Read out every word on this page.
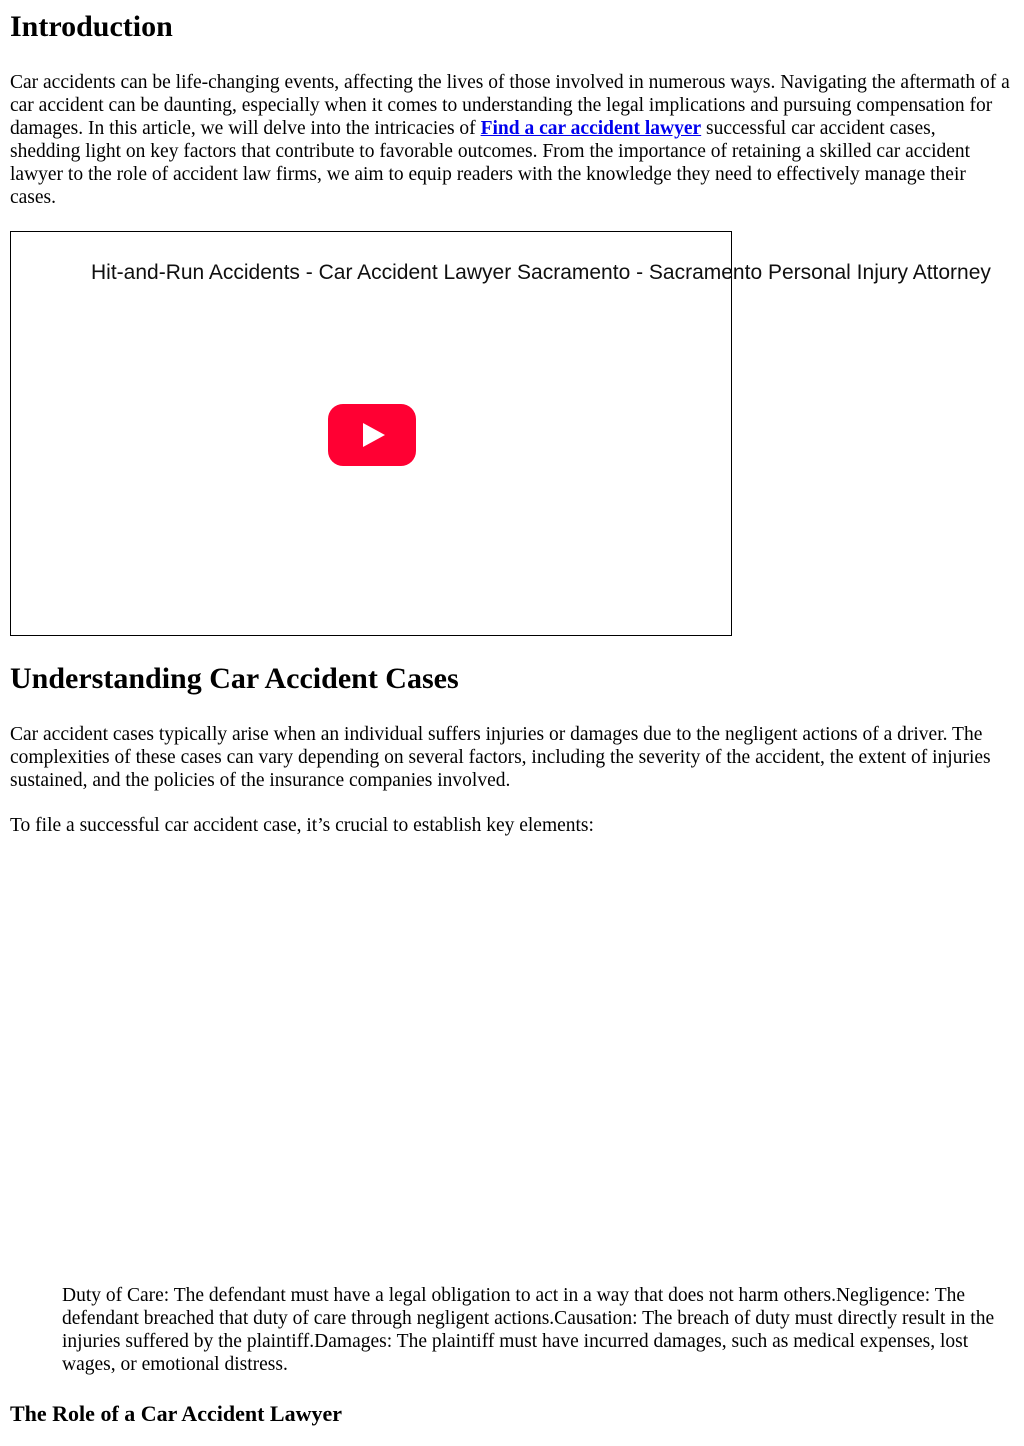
Introduction

Car accidents can be life-changing events, affecting the lives of those involved in numerous ways. Navigating the aftermath of a car accident can be daunting, especially when it comes to understanding the legal implications and pursuing compensation for damages. In this article, we will delve into the intricacies of Find a car accident lawyer successful car accident cases, shedding light on key factors that contribute to favorable outcomes. From the importance of retaining a skilled car accident lawyer to the role of accident law firms, we aim to equip readers with the knowledge they need to effectively manage their cases.

Hit-and-Run Accidents - Car Accident Lawyer Sacramento - Sacramento Personal Injury Attorney
Understanding Car Accident Cases

Car accident cases typically arise when an individual suffers injuries or damages due to the negligent actions of a driver. The complexities of these cases can vary depending on several factors, including the severity of the accident, the extent of injuries sustained, and the policies of the insurance companies involved.

To file a successful car accident case, it’s crucial to establish key elements:

Duty of Care: The defendant must have a legal obligation to act in a way that does not harm others.Negligence: The defendant breached that duty of care through negligent actions.Causation: The breach of duty must directly result in the injuries suffered by the plaintiff.Damages: The plaintiff must have incurred damages, such as medical expenses, lost wages, or emotional distress.

The Role of a Car Accident Lawyer
